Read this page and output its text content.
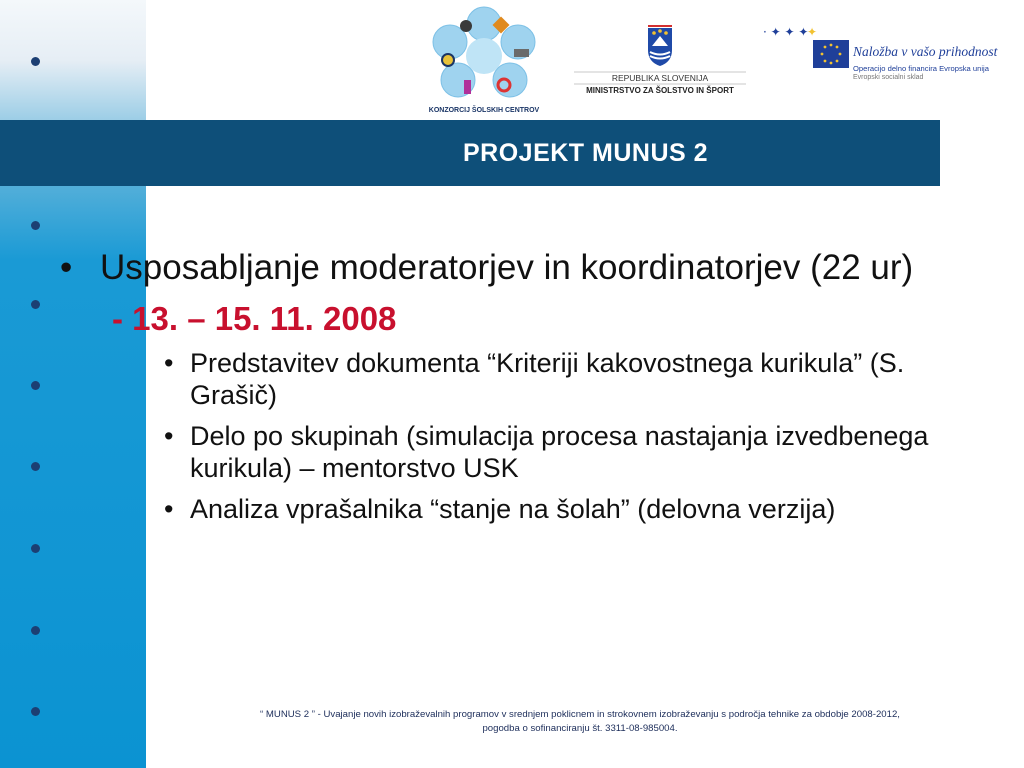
KONZORCIJ ŠOLSKIH CENTROV
REPUBLIKA SLOVENIJA
MINISTRSTVO ZA ŠOLSTVO IN ŠPORT
· ✦ ✦ ✦
✦
Naložba v vašo prihodnost
Operacijo delno financira Evropska unija
Evropski socialni sklad
PROJEKT MUNUS 2
• Usposabljanje moderatorjev in koordinatorjev (22 ur)
- 13. – 15. 11. 2008
• Predstavitev dokumenta “Kriteriji kakovostnega kurikula” (S. Grašič)
• Delo po skupinah (simulacija procesa nastajanja izvedbenega kurikula) – mentorstvo USK
• Analiza vprašalnika “stanje na šolah” (delovna verzija)
“ MUNUS 2 ” - Uvajanje novih izobraževalnih programov v srednjem poklicnem in strokovnem izobraževanju s področja tehnike za obdobje 2008-2012,
pogodba o sofinanciranju št. 3311-08-985004.
